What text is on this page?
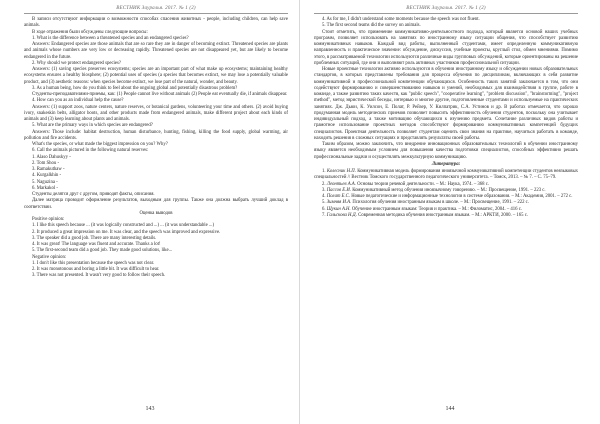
ВЕСТНИК Зауралья. 2017. № 1 (2)

В записи отсутствуют информации о возможности способах спасения животных - people, including children, can help save animals.

В ходе отражения были обсуждены следующие вопросы:

1. What is the difference between a threatened species and an endangered species?

Answers: Endangered species are those animals that are so rare they are in danger of becoming extinct. Threatened species are plants and animals whose numbers are very low or decreasing rapidly. Threatened species are not disappeared yet, but are likely to become endangered in the future.

2. Why should we protect endangered species?

Answers: (1) saving species preserves ecosystems; species are an important part of what make up ecosystems; maintaining healthy ecosystems ensures a healthy biosphere; (2) potential uses of species (a species that becomes extinct, we may lose a potentially valuable product, and (3) aesthetic reasons: when species become extinct, we lose part of the natural, wonder, and beauty.

3. As a human being, how do you think to feel about the ongoing global and potentially disastrous problem?

Студенты-преподавателями-приемы, как: (1) People cannot live without animals (2) People eat eventually die, if animals disappear.

4. How can you as an individual help the cause?

Answers: (1) support zoos, nature centers, nature reserves, or botanical gardens, volunteering your time and others. (2) avoid buying ivory, snakeskin belts, alligator boots, and other products made from endangered animals, make different project about each kinds of animals and (3) keep learning about plants and animals.

5. What are the primary ways in which species are endangered?

Answers: Those include: habitat destruction, human disturbance, hunting, fishing, killing the food supply, global warming, air pollution and fire accidents.

What's the species, or what made the biggest impression on you? Why?

6. Call the animals pictured in the following natural reserves:

1. Alaso Dahuskyy -

2. Tom Shou -

3. Ramakuthaw -

4. Kurgalkhin -

5. Naguzina -

6. Markakol -

Студенты делятся друг с другом, приводят факты, описания.

Далее матрица проводит оформление результатов, выходным для группы. Также она должна выбрать лучший доклад в соответствии.

Оценка выводов

Positive opinion:

1. I like this speech because ... (it was logically constructed and ...) ... (it was understandable ...)

2. It produced a great impression on me. It was clear, and the speech was improved and expressive.

3. The speaker did a good job. There are many interesting details.

4. It was great! The language was fluent and accurate. Thanks a lot!

5. The first-second team did a good job. They made good solutions, like...

Negative opinion:

1. I don't like this presentation because the speech was not clear.

2. It was monotonous and boring a little bit. It was difficult to hear.

3. There was not presented. It wasn't very good to follow their speech.

143
ВЕСТНИК Зауралья. 2017. № 1 (2)

4. As for me, I didn't understand some moments because the speech was not fluent.

5. The first second teams did the survey on animals.

Стоит отметить, что применение коммуникативно-деятельностного подхода, который является основой наших учебных программ, позволяет использовать на занятиях по иностранному языку ситуации общения, что способствует развитию коммуникативных навыков. Каждый вид работы, выполненный студентами, имеет определенную коммуникативную направленность и практическое значение: обсуждение, дискуссия, учебные проекты, круглый стол, обмен мнениями. Помимо этого, в рассматриваемой технологии используются различные виды групповых обсуждений, которые ориентированы на решение проблемных ситуаций, где они и выполняют роль активных участников профессиональной ситуации.

Новые проектные технологии активно используются в обучении иностранному языку и обсуждении новых образовательных стандартов, в которых представлены требования для процесса обучения по дисциплинам, включающих в себя развитие коммуникативной и профессиональной компетенции обучающихся. Особенность таких занятий заключается в том, что они содействуют формированию и совершенствованию навыков и умений, необходимых для взаимодействия в группе, работе в команде, а также развитию таких качеств, как "public speech", "cooperative learning", "problem discussion", "brainstorming", "project method", метод эвристической беседы, интервью и многие другие, подготовленные студентами и используемые на практических занятиях. Дж. Дьюи, К. Уилсон, Е. Полат, Р. Рейзер, У. Килпатрик, С.А. Устинов и др. В работах отмечается, что хорошо продуманная модель методических приемов позволяет повысить эффективность обучения студентов, поскольку она учитывает индивидуальный подход, а также мотивацию обучающихся к изучению предмета. Сочетание различных видов работы и грамотное использование проектных методов способствуют формированию коммуникативных компетенций будущих специалистов. Проектная деятельность позволяет студентам оценить свои знания на практике, научиться работать в команде, находить решения в сложных ситуациях и представлять результаты своей работы.

Таким образом, можно заключить, что внедрение инновационных образовательных технологий в обучении иностранному языку является необходимым условием для повышения качества подготовки специалистов, способных эффективно решать профессиональные задачи и осуществлять межкультурную коммуникацию.

Литература:

1. Колесник Н.П. Коммуникативная модель формирования иноязычной коммуникативной компетенции студентов неязыковых специальностей // Вестник Томского государственного педагогического университета. – Томск, 2013. – № 7. – С. 75–79.

2. Леонтьев А.А. Основы теории речевой деятельности. – М.: Наука, 1974. – 368 с.

3. Пассов Е.И. Коммуникативный метод обучения иноязычному говорению. – М.: Просвещение, 1991. – 223 с.

4. Полат Е.С. Новые педагогические и информационные технологии в системе образования. – М.: Академия, 2001. – 272 с.

5. Зимняя И.А. Психология обучения иностранным языкам в школе. – М.: Просвещение, 1991. – 222 с.

6. Щукин А.Н. Обучение иностранным языкам: Теория и практика. – М.: Филоматис, 2004. – 416 с.

7. Гальскова Н.Д. Современная методика обучения иностранным языкам. – М.: АРКТИ, 2000. – 165 с.

144
